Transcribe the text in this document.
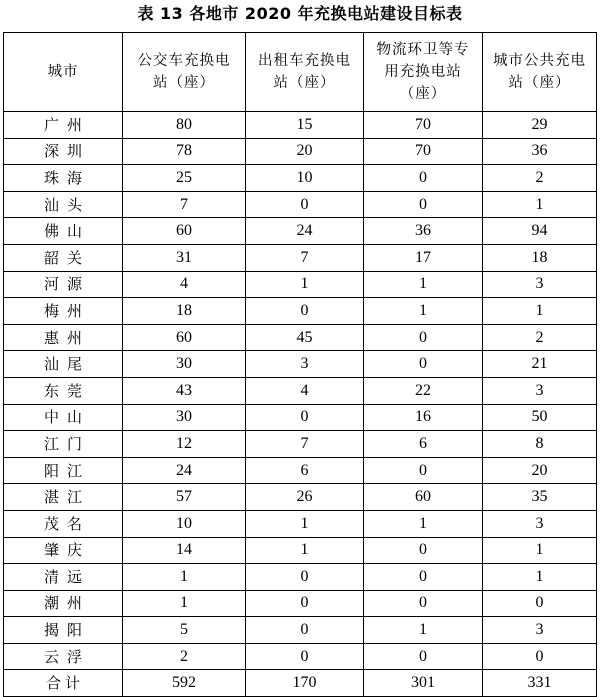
表 13 各地市 2020 年充换电站建设目标表
城市	公交车充换电站（座）	出租车充换电站（座）	物流环卫等专用充换电站（座）	城市公共充电站（座）
广州	80	15	70	29
深圳	78	20	70	36
珠海	25	10	0	2
汕头	7	0	0	1
佛山	60	24	36	94
韶关	31	7	17	18
河源	4	1	1	3
梅州	18	0	1	1
惠州	60	45	0	2
汕尾	30	3	0	21
东莞	43	4	22	3
中山	30	0	16	50
江门	12	7	6	8
阳江	24	6	0	20
湛江	57	26	60	35
茂名	10	1	1	3
肇庆	14	1	0	1
清远	1	0	0	1
潮州	1	0	0	0
揭阳	5	0	1	3
云浮	2	0	0	0
合计	592	170	301	331
